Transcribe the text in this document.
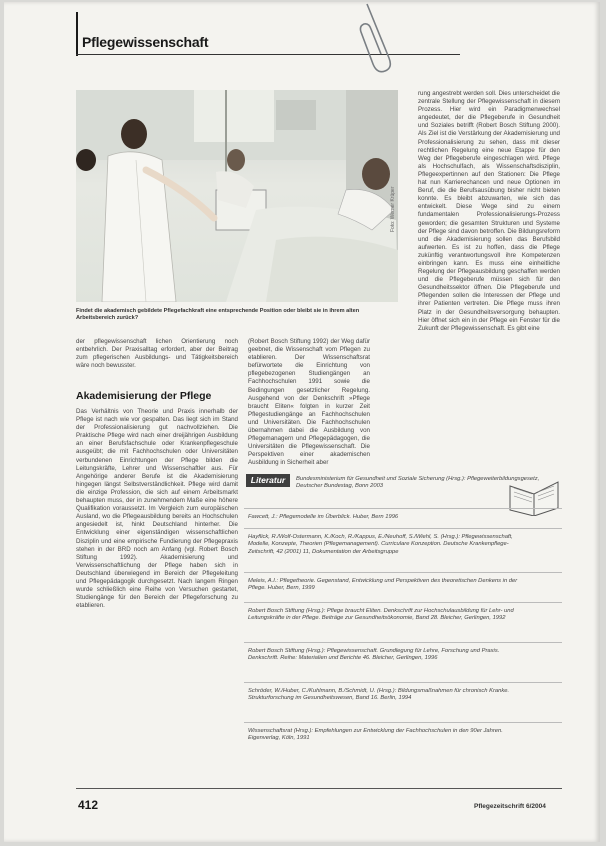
Pflegewissenschaft
Foto: Werner Krüper
Findet die akademisch gebildete Pflegefachkraft eine entsprechende Position oder bleibt sie in ihrem alten Arbeitsbereich zurück?

der pflegewissenschaft lichen Orientierung noch entbehrlich. Der Praxisalltag erfordert, aber der Beitrag zum pflegerischen Ausbildungs- und Tätigkeitsbereich wäre noch bewusster.

Akademisierung der Pflege

Das Verhältnis von Theorie und Praxis innerhalb der Pflege ist nach wie vor gespalten. Das liegt sich im Stand der Professionalisierung gut nachvollziehen. Die Praktische Pflege wird nach einer dreijährigen Ausbildung an einer Berufsfachschule oder Krankenpflegeschule ausgeübt; die mit Fachhochschulen oder Universitäten verbundenen Einrichtungen der Pflege bilden die Leitungskräfte, Lehrer und Wissenschaftler aus. Für Angehörige anderer Berufe ist die Akademisierung hingegen längst Selbstverständlichkeit. Pflege wird damit die einzige Profession, die sich auf einem Arbeitsmarkt behaupten muss, der in zunehmendem Maße eine höhere Qualifikation voraussetzt. Im Vergleich zum europäischen Ausland, wo die Pflegeausbildung bereits an Hochschulen angesiedelt ist, hinkt Deutschland hinterher. Die Entwicklung einer eigenständigen wissenschaftlichen Disziplin und eine empirische Fundierung der Pflegepraxis stehen in der BRD noch am Anfang (vgl. Robert Bosch Stiftung 1992). Akademisierung und Verwissenschaftlichung der Pflege haben sich in Deutschland überwiegend im Bereich der Pflegeleitung und Pflegepädagogik durchgesetzt. Nach langem Ringen wurde schließlich eine Reihe von Versuchen gestartet, Studiengänge für den Bereich der Pflegeforschung zu etablieren.

(Robert Bosch Stiftung 1992) der Weg dafür geebnet, die Wissenschaft vom Pflegen zu etablieren. Der Wissenschaftsrat befürwortete die Einrichtung von pflegebezogenen Studiengängen an Fachhochschulen 1991 sowie die Bedingungen gesetzlicher Regelung. Ausgehend von der Denkschrift »Pflege braucht Eliten« folgten in kurzer Zeit Pflegestudiengänge an Fachhochschulen und Universitäten. Die Fachhochschulen übernahmen dabei die Ausbildung von Pflegemanagern und Pflegepädagogen, die Universitäten die Pflegewissenschaft. Die Perspektiven einer akademischen Ausbildung in Sicherheit aber

rung angestrebt werden soll. Dies unterscheidet die zentrale Stellung der Pflegewissenschaft in diesem Prozess. Hier wird ein Paradigmenwechsel angedeutet, der die Pflegeberufe in Gesundheit und Soziales betrifft (Robert Bosch Stiftung 2000). Als Ziel ist die Verstärkung der Akademisierung und Professionalisierung zu sehen, dass mit dieser rechtlichen Regelung eine neue Etappe für den Weg der Pflegeberufe eingeschlagen wird. Pflege als Hochschulfach, als Wissenschaftsdisziplin, Pflegeexpertinnen auf den Stationen: Die Pflege hat nun Karrierechancen und neue Optionen im Beruf, die die Berufsausübung bisher nicht bieten konnte. Es bleibt abzuwarten, wie sich das entwickelt. Diese Wege sind zu einem fundamentalen Professionalisierungs-Prozess geworden; die gesamten Strukturen und Systeme der Pflege sind davon betroffen. Die Bildungsreform und die Akademisierung sollen das Berufsbild aufwerten. Es ist zu hoffen, dass die Pflege zukünftig verantwortungsvoll ihre Kompetenzen einbringen kann. Es muss eine einheitliche Regelung der Pflegeausbildung geschaffen werden und die Pflegeberufe müssen sich für den Gesundheitssektor öffnen. Die Pflegeberufe und Pflegenden sollen die Interessen der Pflege und ihrer Patienten vertreten. Die Pflege muss ihren Platz in der Gesundheitsversorgung behaupten. Hier öffnet sich ein in der Pflege ein Fenster für die Zukunft der Pflegewissenschaft. Es gibt eine

Literatur	Bundesministerium für Gesundheit und Soziale Sicherung (Hrsg.): Pflegeweiterbildungsgesetz, Deutscher Bundestag, Bonn 2003
Fawcett, J.: Pflegemodelle im Überblick. Huber, Bern 1996
Hayflick, R./Wolf-Ostermann, K./Koch, R./Kappus, E./Neuhoff, S./Wiehl, S. (Hrsg.): Pflegewissenschaft, Modelle, Konzepte, Theorien (Pflegemanagement). Curriculare Konzeption. Deutsche Krankenpflege-Zeitschrift, 42 (2001) 11, Dokumentation der Arbeitsgruppe
Meleis, A.I.: Pflegetheorie. Gegenstand, Entwicklung und Perspektiven des theoretischen Denkens in der Pflege. Huber, Bern, 1999
Robert Bosch Stiftung (Hrsg.): Pflege braucht Eliten. Denkschrift zur Hochschulausbildung für Lehr- und Leitungskräfte in der Pflege. Beiträge zur Gesundheitsökonomie, Band 28. Bleicher, Gerlingen, 1992
Robert Bosch Stiftung (Hrsg.): Pflegewissenschaft. Grundlegung für Lehre, Forschung und Praxis. Denkschrift. Reihe: Materialien und Berichte 46. Bleicher, Gerlingen, 1996
Schröder, W./Huber, C./Kuhlmann, B./Schmidt, U. (Hrsg.): Bildungsmaßnahmen für chronisch Kranke. Strukturforschung im Gesundheitswesen, Band 16. Berlin, 1994
Wissenschaftsrat (Hrsg.): Empfehlungen zur Entwicklung der Fachhochschulen in den 90er Jahren. Eigenverlag, Köln, 1991
412	Pflegezeitschrift 6/2004
